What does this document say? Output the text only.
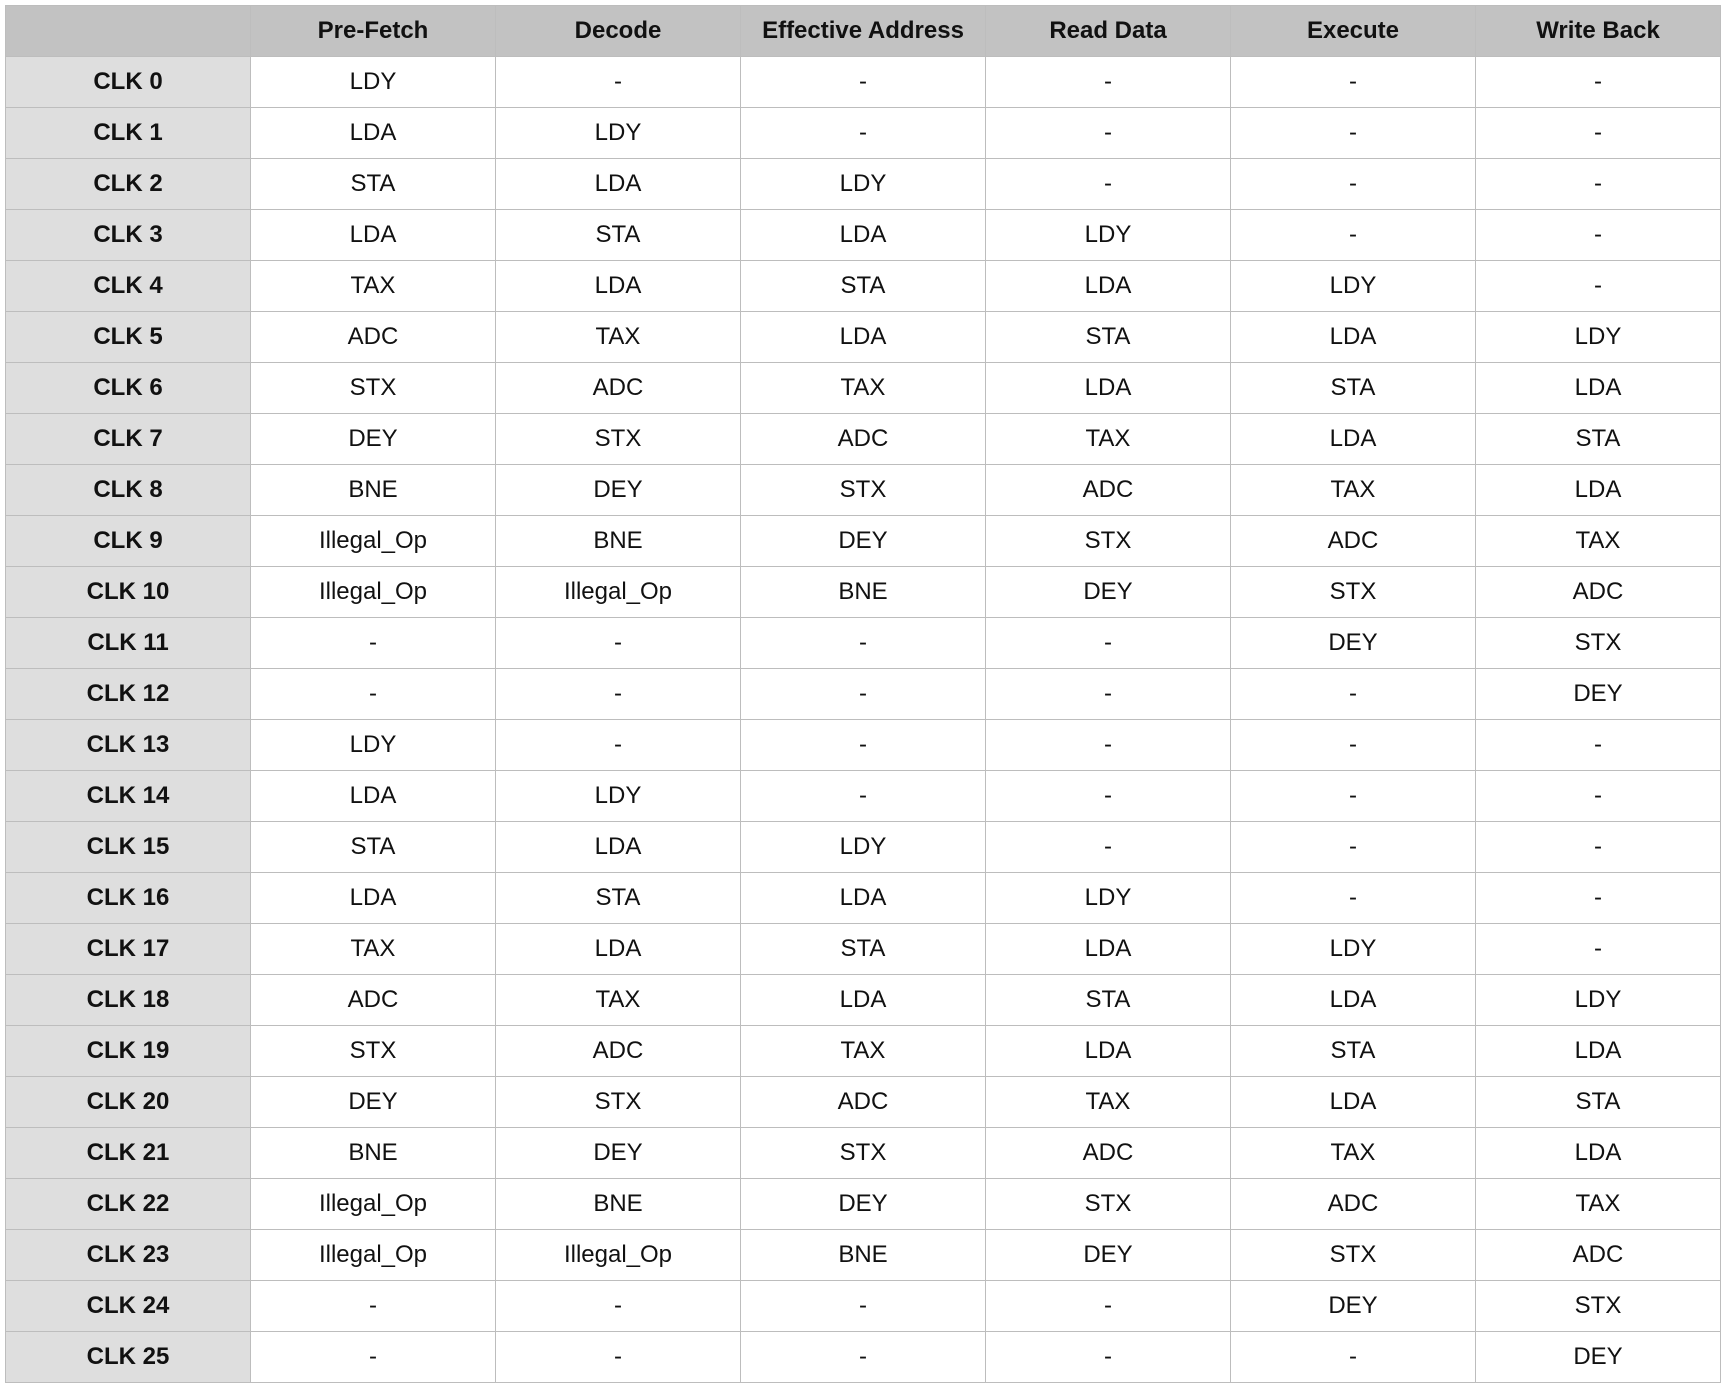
	Pre-Fetch	Decode	Effective Address	Read Data	Execute	Write Back
CLK 0	LDY	-	-	-	-	-
CLK 1	LDA	LDY	-	-	-	-
CLK 2	STA	LDA	LDY	-	-	-
CLK 3	LDA	STA	LDA	LDY	-	-
CLK 4	TAX	LDA	STA	LDA	LDY	-
CLK 5	ADC	TAX	LDA	STA	LDA	LDY
CLK 6	STX	ADC	TAX	LDA	STA	LDA
CLK 7	DEY	STX	ADC	TAX	LDA	STA
CLK 8	BNE	DEY	STX	ADC	TAX	LDA
CLK 9	Illegal_Op	BNE	DEY	STX	ADC	TAX
CLK 10	Illegal_Op	Illegal_Op	BNE	DEY	STX	ADC
CLK 11	-	-	-	-	DEY	STX
CLK 12	-	-	-	-	-	DEY
CLK 13	LDY	-	-	-	-	-
CLK 14	LDA	LDY	-	-	-	-
CLK 15	STA	LDA	LDY	-	-	-
CLK 16	LDA	STA	LDA	LDY	-	-
CLK 17	TAX	LDA	STA	LDA	LDY	-
CLK 18	ADC	TAX	LDA	STA	LDA	LDY
CLK 19	STX	ADC	TAX	LDA	STA	LDA
CLK 20	DEY	STX	ADC	TAX	LDA	STA
CLK 21	BNE	DEY	STX	ADC	TAX	LDA
CLK 22	Illegal_Op	BNE	DEY	STX	ADC	TAX
CLK 23	Illegal_Op	Illegal_Op	BNE	DEY	STX	ADC
CLK 24	-	-	-	-	DEY	STX
CLK 25	-	-	-	-	-	DEY
